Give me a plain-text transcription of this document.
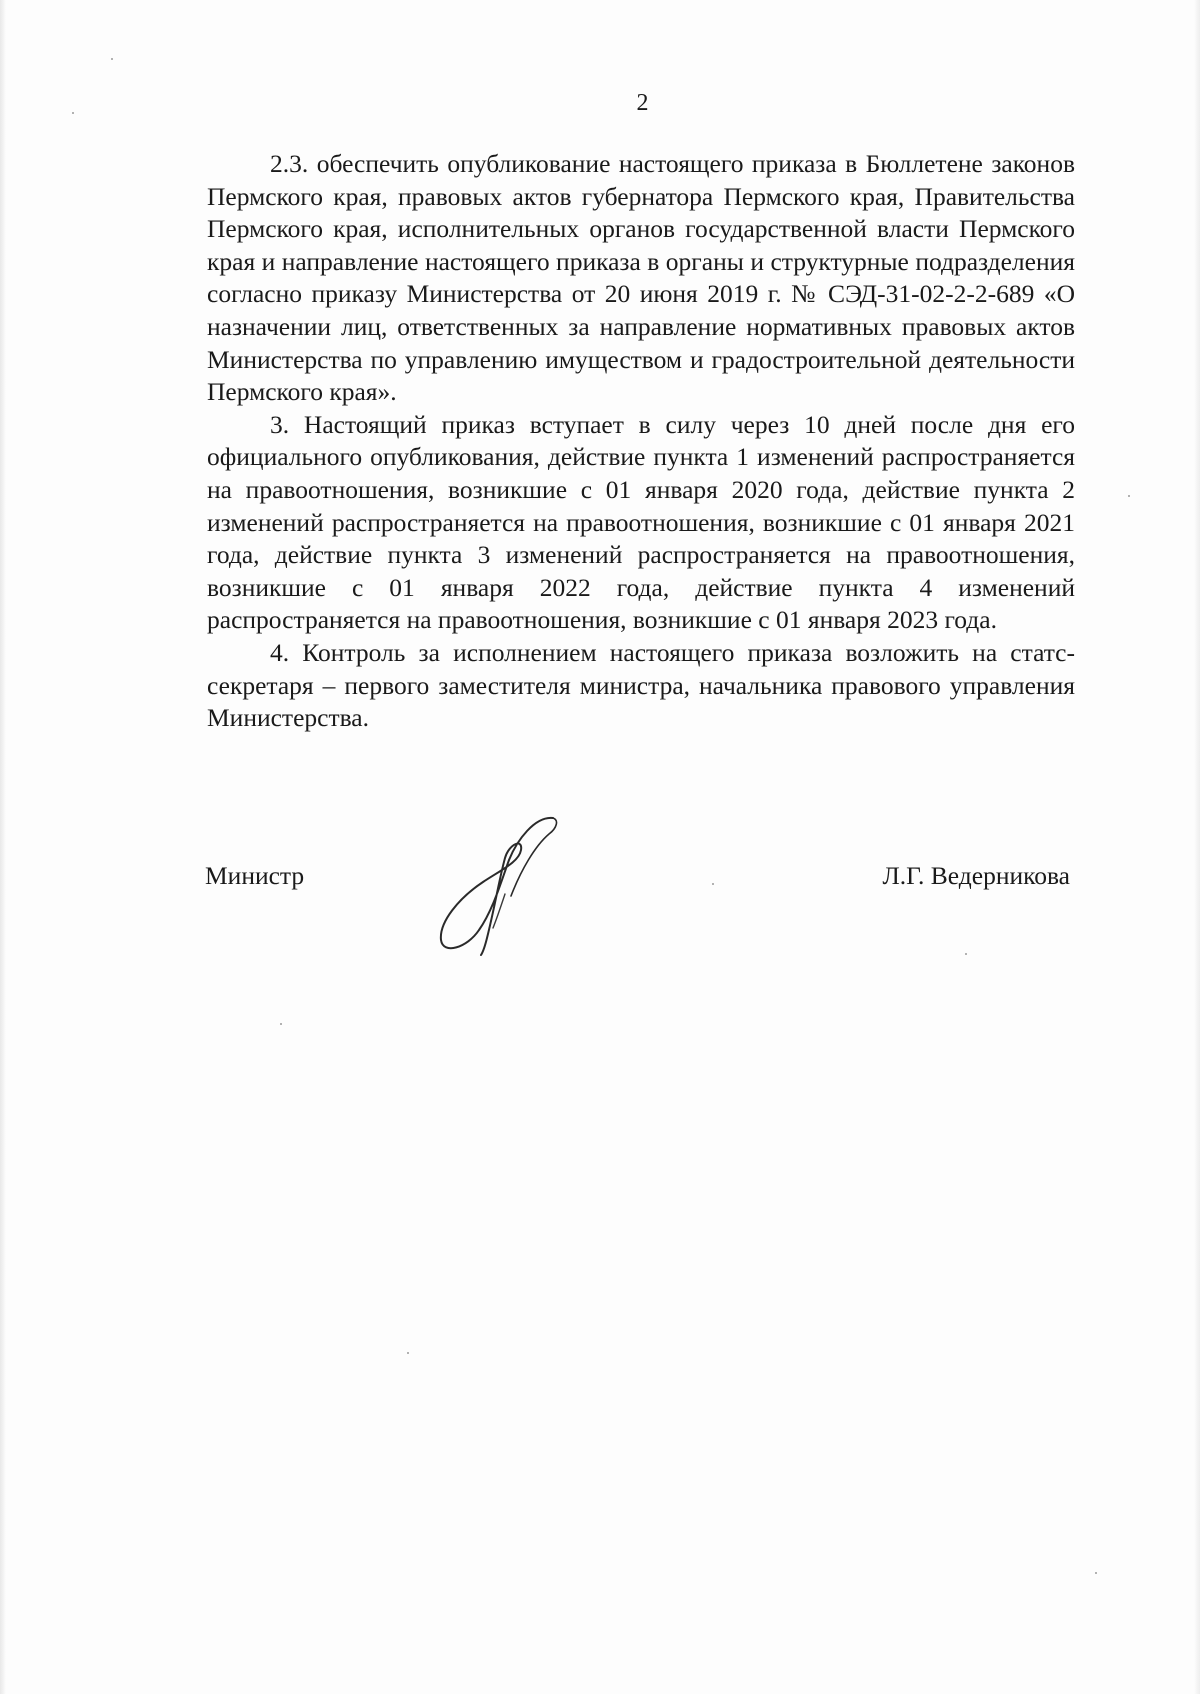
2

2.3. обеспечить опубликование настоящего приказа в Бюллетене законов Пермского края, правовых актов губернатора Пермского края, Правительства Пермского края, исполнительных органов государственной власти Пермского края и направление настоящего приказа в органы и структурные подразделения согласно приказу Министерства от 20 июня 2019 г. № СЭД-31-02-2-2-689 «О назначении лиц, ответственных за направление нормативных правовых актов Министерства по управлению имуществом и градостроительной деятельности Пермского края».

3. Настоящий приказ вступает в силу через 10 дней после дня его официального опубликования, действие пункта 1 изменений распространяется на правоотношения, возникшие с 01 января 2020 года, действие пункта 2 изменений распространяется на правоотношения, возникшие с 01 января 2021 года, действие пункта 3 изменений распространяется на правоотношения, возникшие с 01 января 2022 года, действие пункта 4 изменений распространяется на правоотношения, возникшие с 01 января 2023 года.

4. Контроль за исполнением настоящего приказа возложить на статс-секретаря – первого заместителя министра, начальника правового управления Министерства.

Министр	Л.Г. Ведерникова
